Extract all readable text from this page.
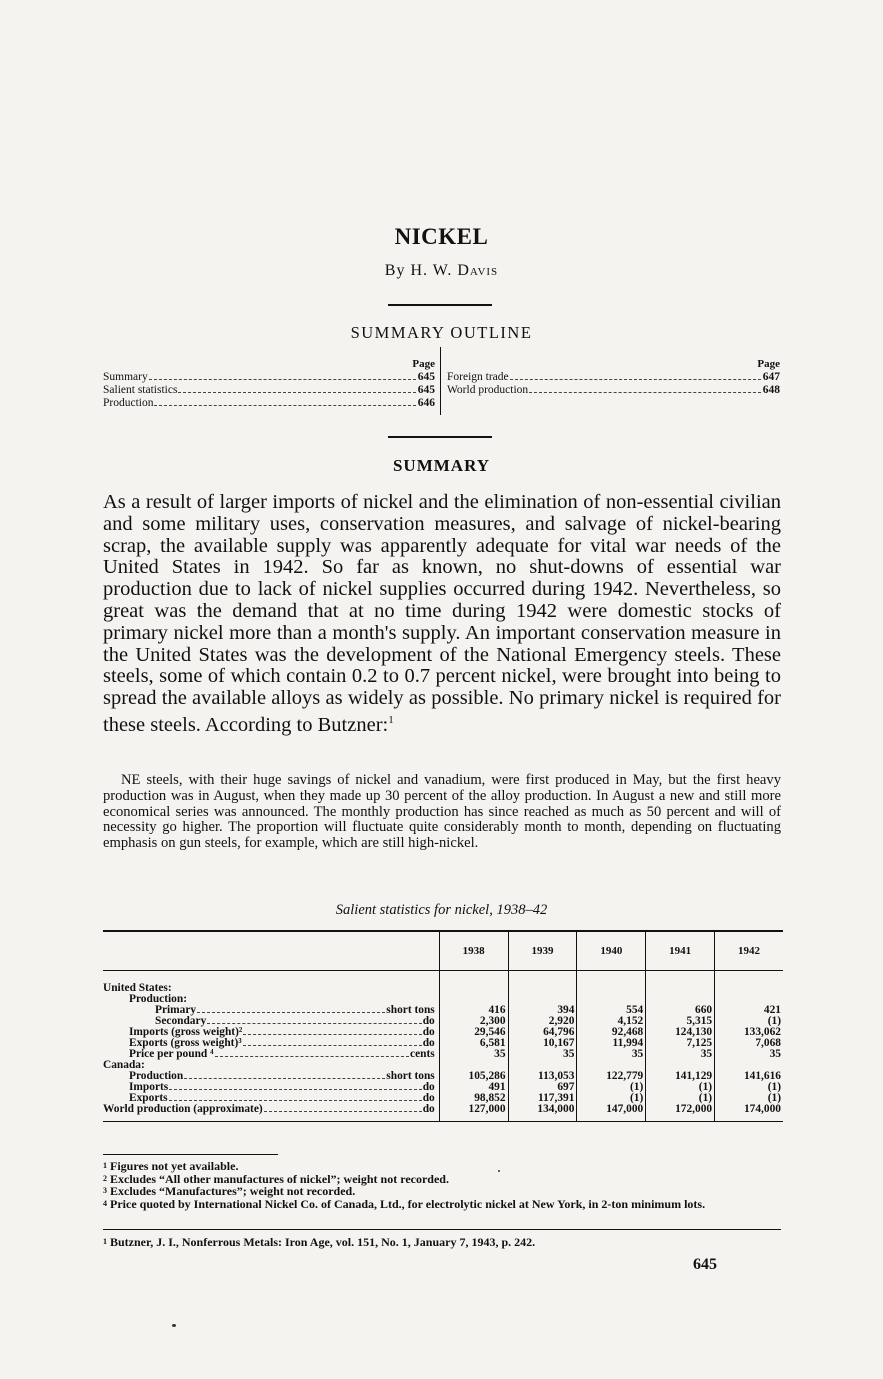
NICKEL
By H. W. Davis
SUMMARY OUTLINE
Page
Summary	645
Salient statistics	645
Production	646
Page
Foreign trade	647
World production	648
SUMMARY
As a result of larger imports of nickel and the elimination of non-essential civilian and some military uses, conservation measures, and salvage of nickel-bearing scrap, the available supply was apparently adequate for vital war needs of the United States in 1942. So far as known, no shut-downs of essential war production due to lack of nickel supplies occurred during 1942. Nevertheless, so great was the demand that at no time during 1942 were domestic stocks of primary nickel more than a month's supply. An important conservation measure in the United States was the development of the National Emergency steels. These steels, some of which contain 0.2 to 0.7 percent nickel, were brought into being to spread the available alloys as widely as possible. No primary nickel is required for these steels. According to Butzner:$^1$
NE steels, with their huge savings of nickel and vanadium, were first produced in May, but the first heavy production was in August, when they made up 30 percent of the alloy production. In August a new and still more economical series was announced. The monthly production has since reached as much as 50 percent and will of necessity go higher. The proportion will fluctuate quite considerably month to month, depending on fluctuating emphasis on gun steels, for example, which are still high-nickel.
Salient statistics for nickel, 1938–42
	1938	1939	1940	1941	1942

United States:					

Production:					

Primary short tons	416	394	554	660	421

Secondary do	2,300	2,920	4,152	5,315	(1)

Imports (gross weight)² do	29,546	64,796	92,468	124,130	133,062

Exports (gross weight)³ do	6,581	10,167	11,994	7,125	7,068

Price per pound ⁴ cents	35	35	35	35	35

Canada:					

Production short tons	105,286	113,053	122,779	141,129	141,616

Imports do	491	697	(1)	(1)	(1)

Exports do	98,852	117,391	(1)	(1)	(1)

World production (approximate) do	127,000	134,000	147,000	172,000	174,000
1 Figures not yet available.
2 Excludes “All other manufactures of nickel”; weight not recorded.
3 Excludes “Manufactures”; weight not recorded.
4 Price quoted by International Nickel Co. of Canada, Ltd., for electrolytic nickel at New York, in 2-ton minimum lots.
1 Butzner, J. I., Nonferrous Metals: Iron Age, vol. 151, No. 1, January 7, 1943, p. 242.
645
